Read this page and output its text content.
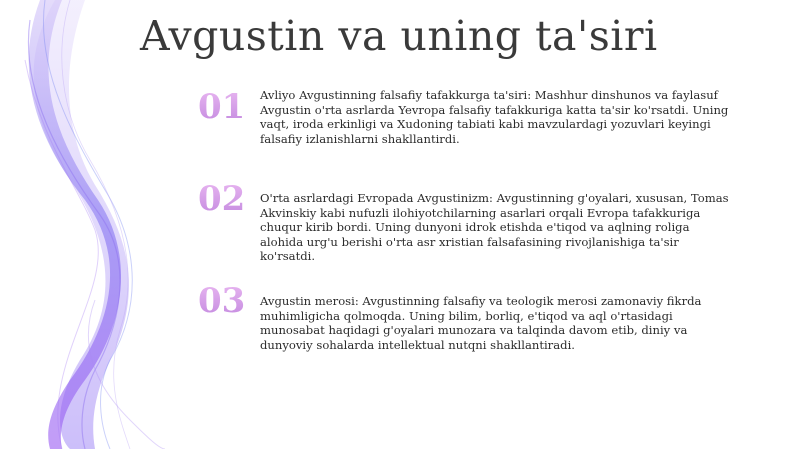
Avgustin va uning ta'siri
01 Avliyo Avgustinning falsafiy tafakkurga ta'siri: Mashhur dinshunos va faylasuf Avgustin o'rta asrlarda Yevropa falsafiy tafakkuriga katta ta'sir ko'rsatdi. Uning vaqt, iroda erkinligi va Xudoning tabiati kabi mavzulardagi yozuvlari keyingi falsafiy izlanishlarni shakllantirdi.
02 O'rta asrlardagi Evropada Avgustinizm: Avgustinning g'oyalari, xususan, Tomas Akvinskiy kabi nufuzli ilohiyotchilarning asarlari orqali Evropa tafakkuriga chuqur kirib bordi. Uning dunyoni idrok etishda e'tiqod va aqlning roliga alohida urg'u berishi o'rta asr xristian falsafasining rivojlanishiga ta'sir ko'rsatdi.
03 Avgustin merosi: Avgustinning falsafiy va teologik merosi zamonaviy fikrda muhimligicha qolmoqda. Uning bilim, borliq, e'tiqod va aql o'rtasidagi munosabat haqidagi g'oyalari munozara va talqinda davom etib, diniy va dunyoviy sohalarda intellektual nutqni shakllantiradi.
